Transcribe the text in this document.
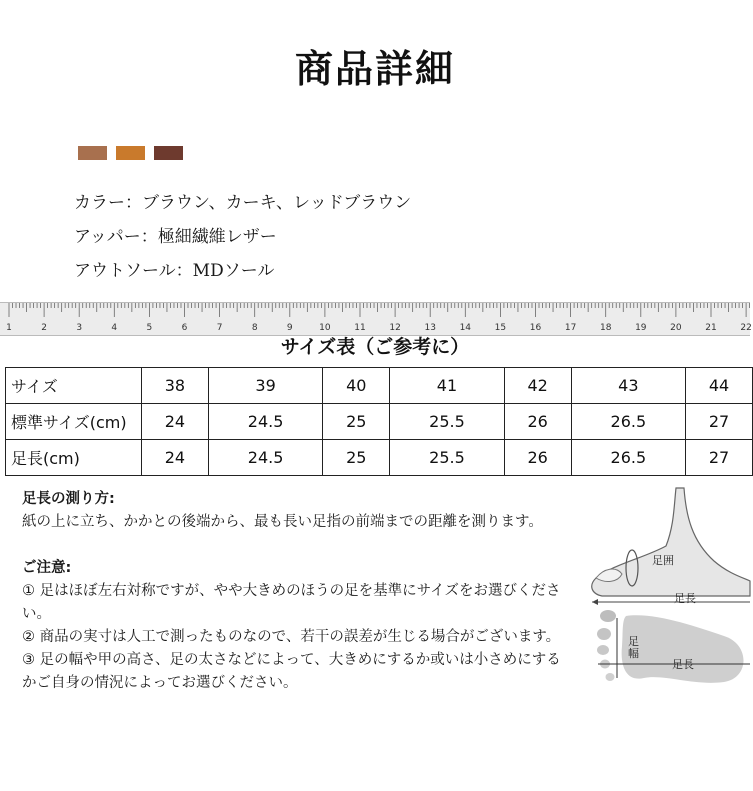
商品詳細
カラー：ブラウン、カーキ、レッドブラウン
アッパー：極細繊維レザー
アウトソール：MDソール
1	2	3	4	5	6	7	8	9	10	11	12	13	14	15	16	17	18	19	20	21	22
サイズ表（ご参考に）
サイズ	38	39	40	41	42	43	44
標準サイズ(cm)	24	24.5	25	25.5	26	26.5	27
足長(cm)	24	24.5	25	25.5	26	26.5	27
足長の測り方:
紙の上に立ち、かかとの後端から、最も長い足指の前端までの距離を測ります。
ご注意:
① 足はほぼ左右対称ですが、やや大きめのほうの足を基準にサイズをお選びください。
② 商品の実寸は人工で測ったものなので、若干の誤差が生じる場合がございます。
③ 足の幅や甲の高さ、足の太さなどによって、大きめにするか或いは小さめにするかご自身の情況によってお選びください。
足囲
足長
足幅
足長
